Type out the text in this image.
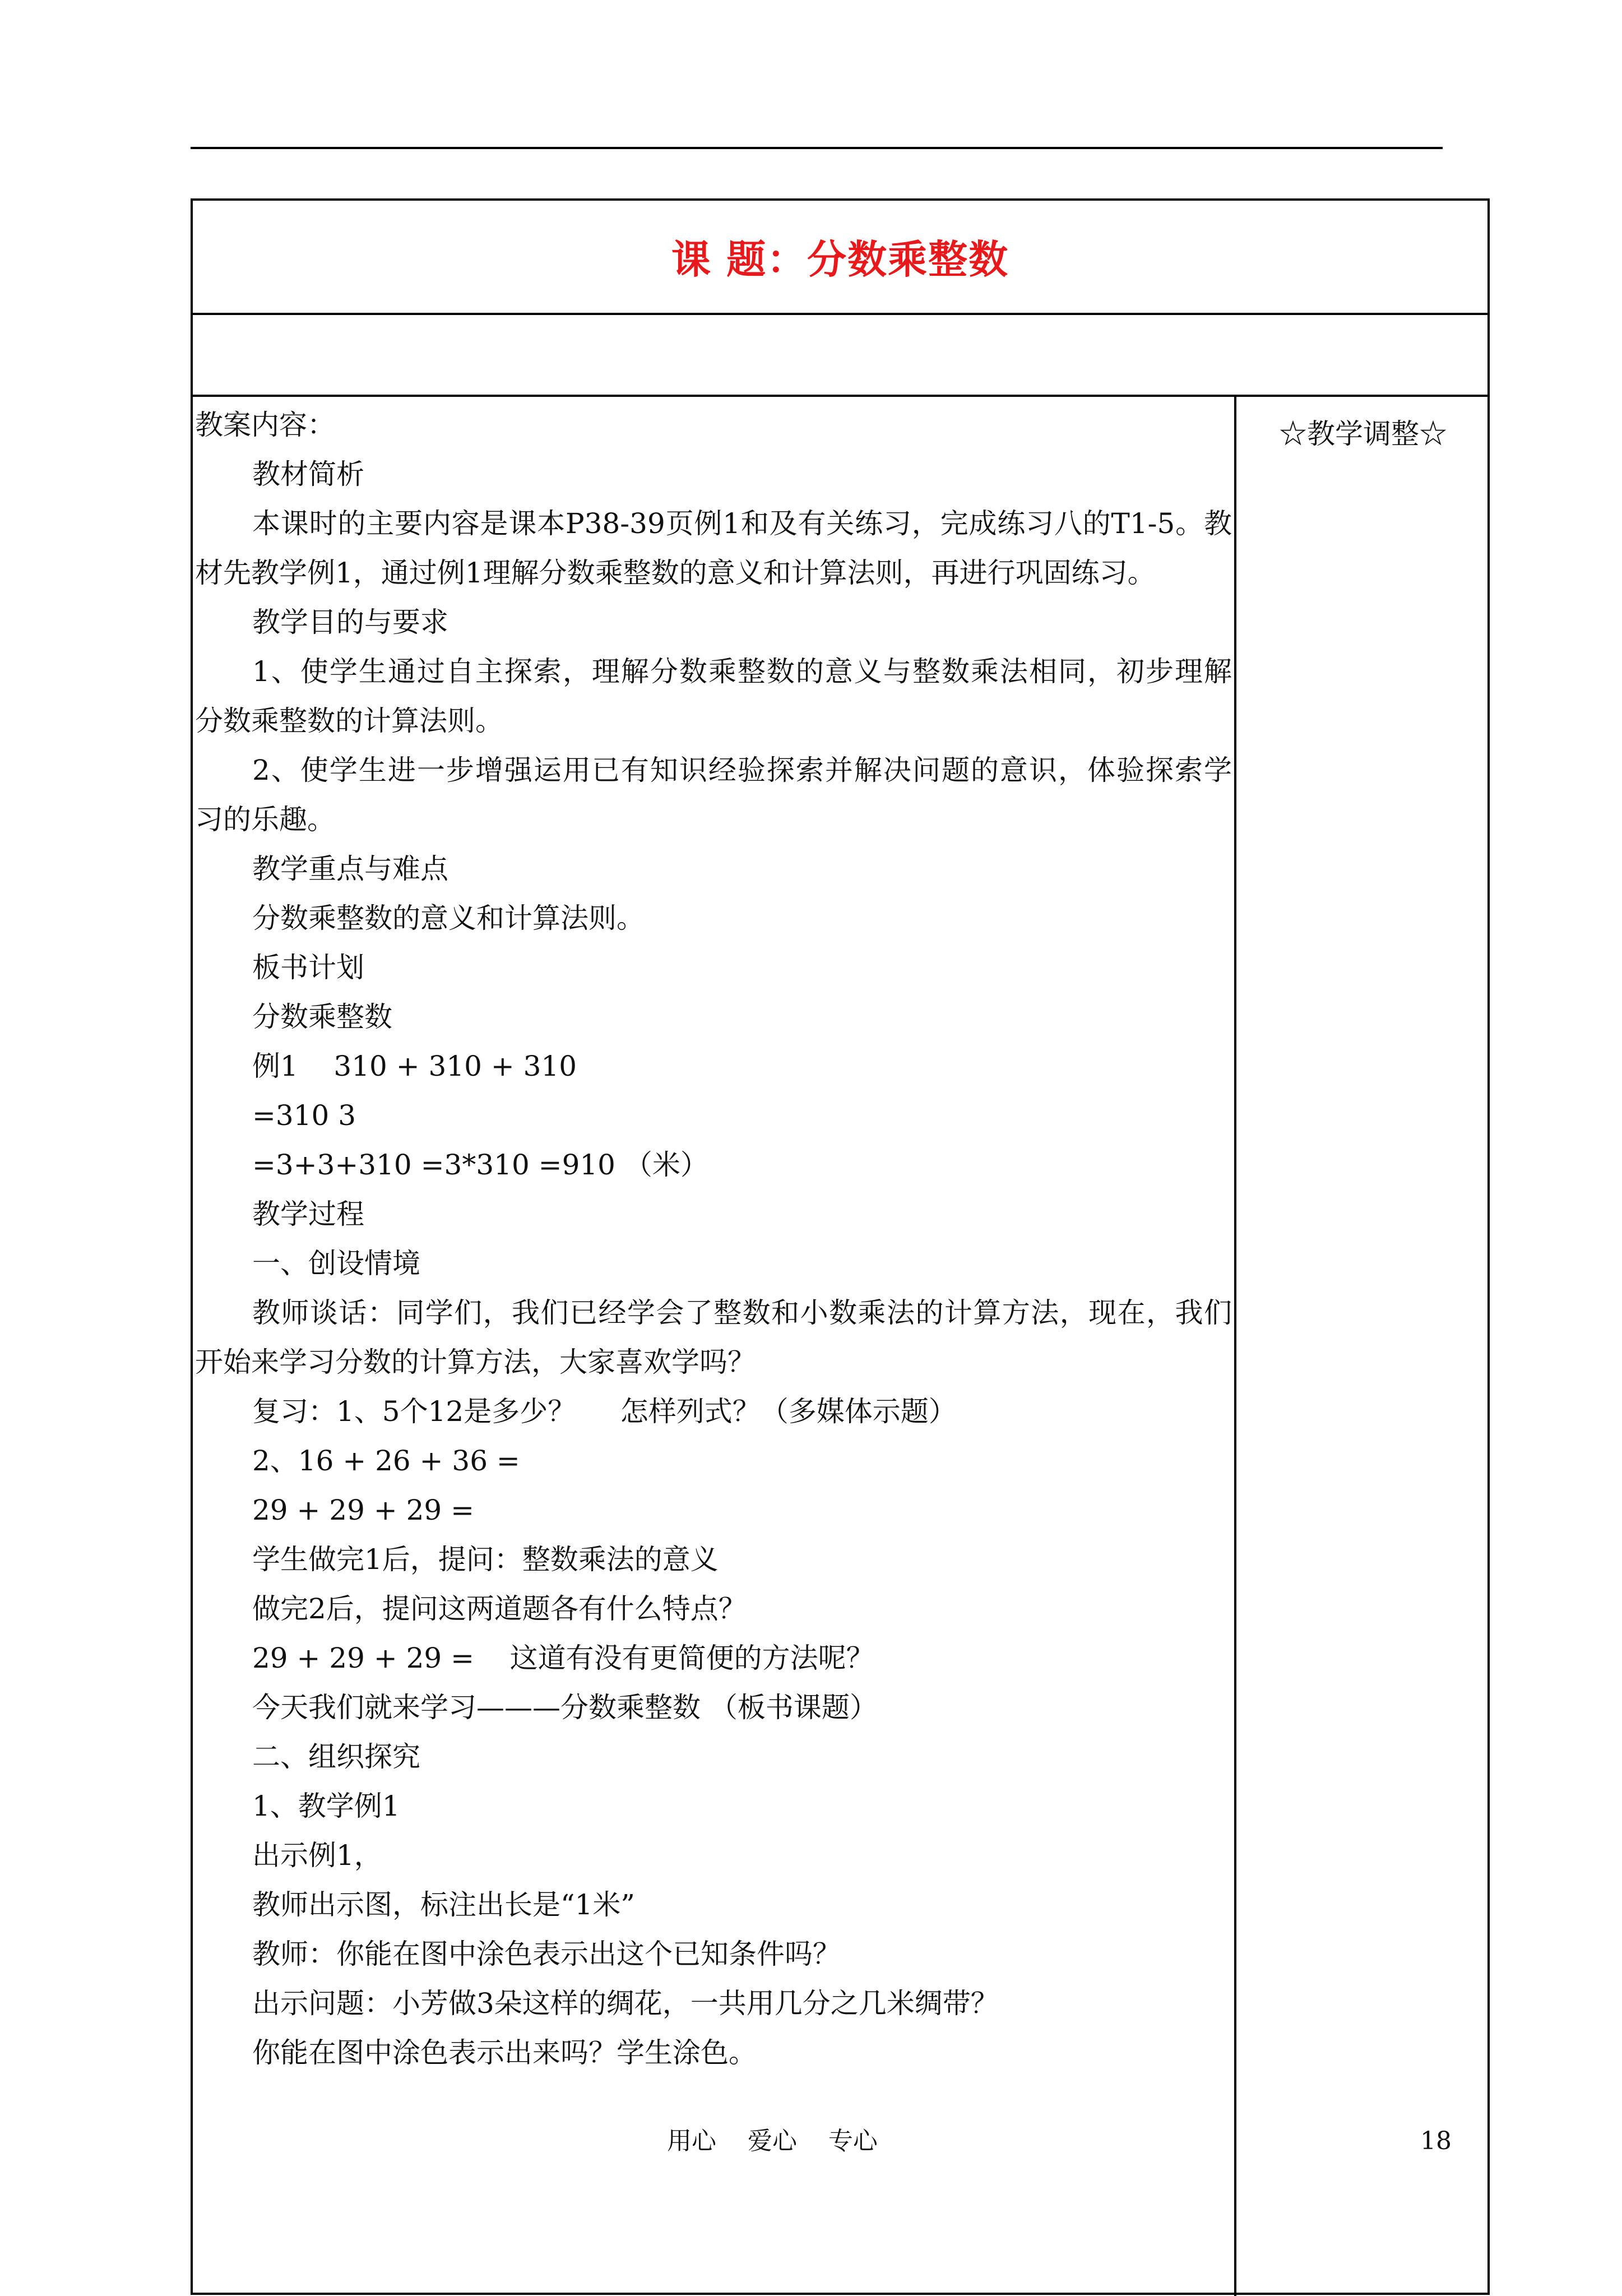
课 题：分数乘整数
☆教学调整☆
教案内容：
教材简析
本课时的主要内容是课本P38-39页例1和及有关练习，完成练习八的T1-5。教
材先教学例1，通过例1理解分数乘整数的意义和计算法则，再进行巩固练习。
教学目的与要求
1、使学生通过自主探索，理解分数乘整数的意义与整数乘法相同，初步理解
分数乘整数的计算法则。
2、使学生进一步增强运用已有知识经验探索并解决问题的意识，体验探索学
习的乐趣。
教学重点与难点
分数乘整数的意义和计算法则。
板书计划
分数乘整数
例1    310 + 310 + 310
=310 3
=3+3+310 =3*310 =910 （米）
教学过程
一、创设情境
教师谈话：同学们，我们已经学会了整数和小数乘法的计算方法，现在，我们
开始来学习分数的计算方法，大家喜欢学吗？
复习：1、5个12是多少？     怎样列式？（多媒体示题）
2、16 + 26 + 36 =
29 + 29 + 29 =
学生做完1后，提问：整数乘法的意义
做完2后，提问这两道题各有什么特点？
29 + 29 + 29 =    这道有没有更简便的方法呢？
今天我们就来学习———分数乘整数 （板书课题）
二、组织探究
1、教学例1
出示例1，
教师出示图，标注出长是“1米”
教师：你能在图中涂色表示出这个已知条件吗？
出示问题：小芳做3朵这样的绸花，一共用几分之几米绸带？
你能在图中涂色表示出来吗？学生涂色。
用心    爱心    专心	18
